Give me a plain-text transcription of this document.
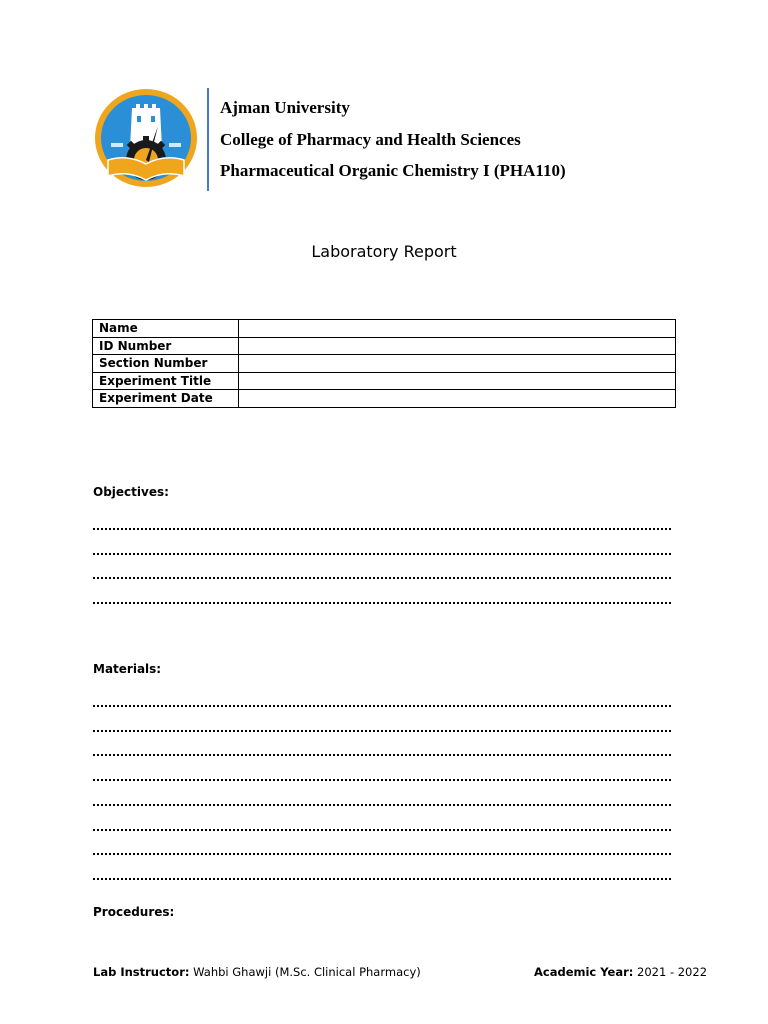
Ajman University

College of Pharmacy and Health Sciences

Pharmaceutical Organic Chemistry I (PHA110)

Laboratory Report
Name	
ID Number	
Section Number	
Experiment Title	
Experiment Date	

Objectives:

Materials:

Procedures:

Lab Instructor: Wahbi Ghawji (M.Sc. Clinical Pharmacy)	Academic Year: 2021 - 2022
